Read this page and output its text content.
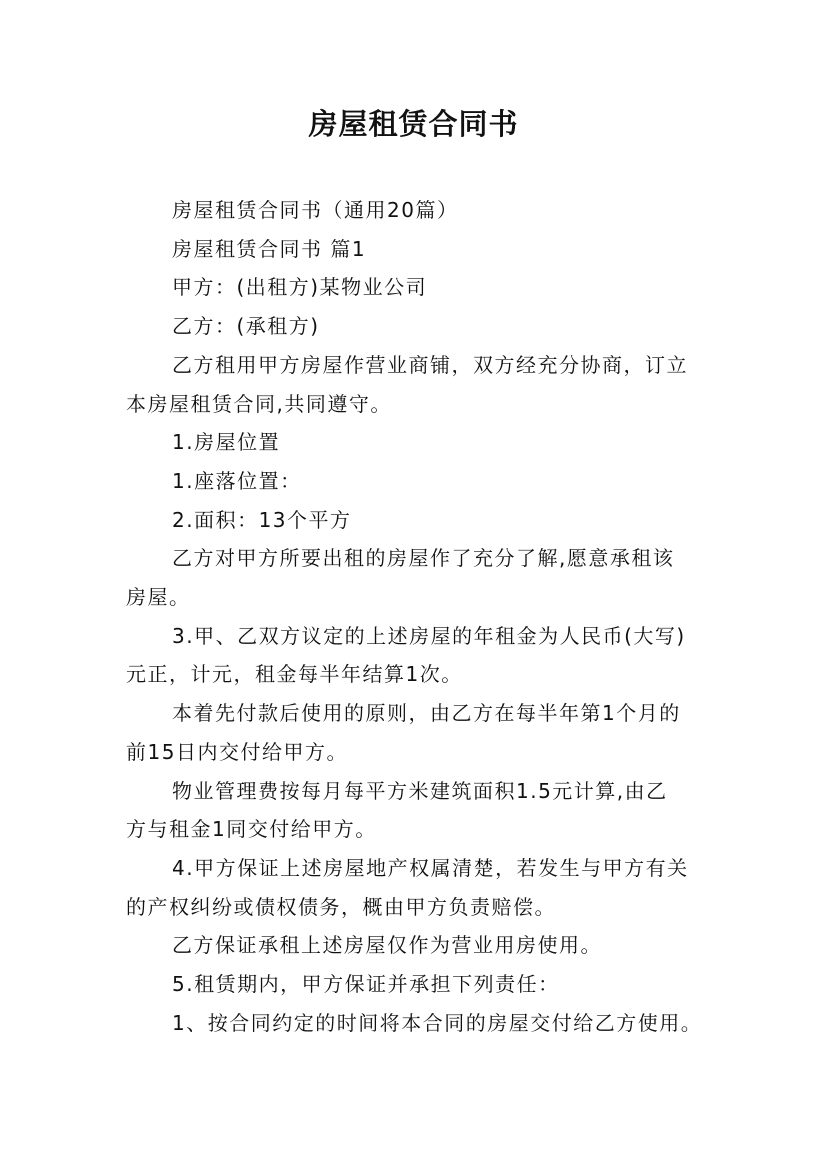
房屋租赁合同书
房屋租赁合同书（通用20篇）
房屋租赁合同书 篇1
甲方：(出租方)某物业公司
乙方：(承租方)
乙方租用甲方房屋作营业商铺，双方经充分协商，订立
本房屋租赁合同,共同遵守。
1.房屋位置
1.座落位置：
2.面积：13个平方
乙方对甲方所要出租的房屋作了充分了解,愿意承租该
房屋。
3.甲、乙双方议定的上述房屋的年租金为人民币(大写)
元正，计元，租金每半年结算1次。
本着先付款后使用的原则，由乙方在每半年第1个月的
前15日内交付给甲方。
物业管理费按每月每平方米建筑面积1.5元计算,由乙
方与租金1同交付给甲方。
4.甲方保证上述房屋地产权属清楚，若发生与甲方有关
的产权纠纷或债权债务，概由甲方负责赔偿。
乙方保证承租上述房屋仅作为营业用房使用。
5.租赁期内，甲方保证并承担下列责任：
1、按合同约定的时间将本合同的房屋交付给乙方使用。
